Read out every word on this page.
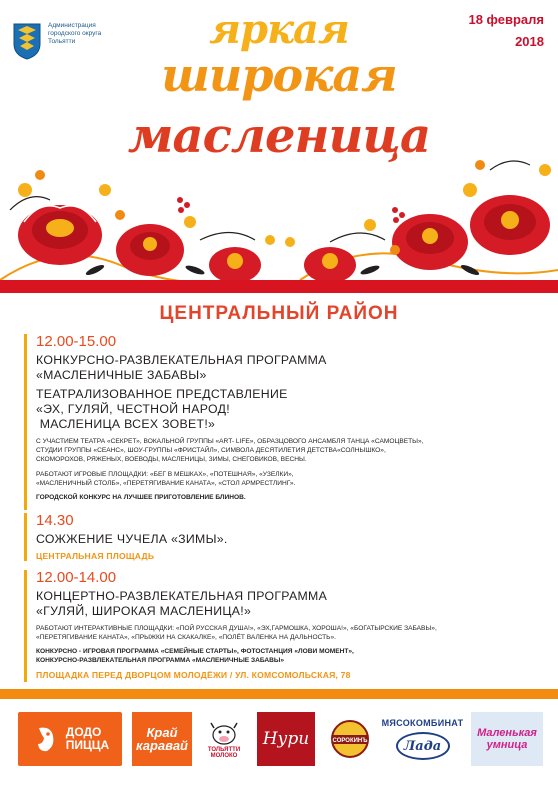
Администрация городского округа Тольятти
18 февраля
2018
яркая
широкая
масленица
ЦЕНТРАЛЬНЫЙ РАЙОН
12.00-15.00
КОНКУРСНО-РАЗВЛЕКАТЕЛЬНАЯ ПРОГРАММА
«МАСЛЕНИЧНЫЕ ЗАБАВЫ»
ТЕАТРАЛИЗОВАННОЕ ПРЕДСТАВЛЕНИЕ
«ЭХ, ГУЛЯЙ, ЧЕСТНОЙ НАРОД!
МАСЛЕНИЦА ВСЕХ ЗОВЕТ!»
С УЧАСТИЕМ ТЕАТРА «СЕКРЕТ», ВОКАЛЬНОЙ ГРУППЫ «ART- LIFE», ОБРАЗЦОВОГО АНСАМБЛЯ ТАНЦА «САМОЦВЕТЫ»,
СТУДИИ ГРУППЫ «СЕАНС», ШОУ-ГРУППЫ «ФРИСТАЙЛ», СИМВОЛА ДЕСЯТИЛЕТИЯ ДЕТСТВА«СОЛНЫШКО»,
СКОМОРОХОВ, РЯЖЕНЫХ, ВОЕВОДЫ, МАСЛЕНИЦЫ, ЗИМЫ, СНЕГОВИКОВ, ВЕСНЫ.
РАБОТАЮТ ИГРОВЫЕ ПЛОЩАДКИ: «БЕГ В МЕШКАХ», «ПОТЕШНАЯ», «УЗЕЛКИ»,
«МАСЛЕНИЧНЫЙ СТОЛБ», «ПЕРЕТЯГИВАНИЕ КАНАТА», «СТОЛ АРМРЕСТЛИНГ».
ГОРОДСКОЙ КОНКУРС НА ЛУЧШЕЕ ПРИГОТОВЛЕНИЕ БЛИНОВ.
14.30
СОЖЖЕНИЕ ЧУЧЕЛА «ЗИМЫ».
ЦЕНТРАЛЬНАЯ ПЛОЩАДЬ
12.00-14.00
КОНЦЕРТНО-РАЗВЛЕКАТЕЛЬНАЯ ПРОГРАММА
«ГУЛЯЙ, ШИРОКАЯ МАСЛЕНИЦА!»
РАБОТАЮТ ИНТЕРАКТИВНЫЕ ПЛОЩАДКИ: «ПОЙ РУССКАЯ ДУША!», «ЭХ,ГАРМОШКА, ХОРОША!», «БОГАТЫРСКИЕ ЗАБАВЫ»,
«ПЕРЕТЯГИВАНИЕ КАНАТА», «ПРЫЖКИ НА СКАКАЛКЕ», «ПОЛЁТ ВАЛЕНКА НА ДАЛЬНОСТЬ».
КОНКУРСНО - ИГРОВАЯ ПРОГРАММА «СЕМЕЙНЫЕ СТАРТЫ», ФОТОСТАНЦИЯ «ЛОВИ МОМЕНТ»,
КОНКУРСНО-РАЗВЛЕКАТЕЛЬНАЯ ПРОГРАММА «МАСЛЕНИЧНЫЕ ЗАБАВЫ»
ПЛОЩАДКА ПЕРЕД ДВОРЦОМ МОЛОДЁЖИ / УЛ. КОМСОМОЛЬСКАЯ, 78
ДОДО
ПИЦЦА
Край
каравай	ТОЛЬЯТТИ
МОЛОКО
Нури	СОРОКИНЪ
МЯСОКОМБИНАТ
Лада
Маленькая
умница
